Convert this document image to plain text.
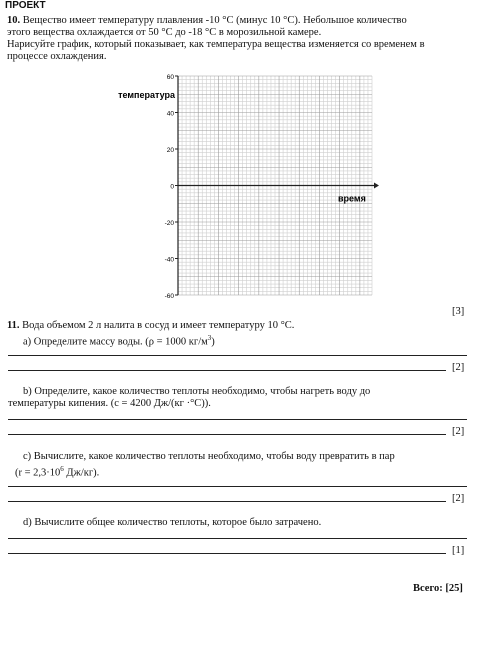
ПРОЕКТ
10. Вещество имеет температуру плавления -10 °С (минус 10 °С). Небольшое количество
этого вещества охлаждается от 50 °С до -18 °С в морозильной камере.
Нарисуйте график, который показывает, как температура вещества изменяется со временем в
процессе охлаждения.
60
40
20
0
-20
-40
-60
температура
время
[3]
11. Вода объемом 2 л налита в сосуд и имеет температуру 10 °С.
а) Определите массу воды. (ρ = 1000 $кг/м^3$)
[2]
b) Определите, какое количество теплоты необходимо, чтобы нагреть воду до
температуры кипения. (c = 4200 Дж/(кг ·°С)).
[2]
с) Вычислите, какое количество теплоты необходимо, чтобы воду превратить в пар
($r = 2,3\cdot 10^6$ Дж/кг).
[2]
d) Вычислите общее количество теплоты, которое было затрачено.
[1]
Всего: [25]
